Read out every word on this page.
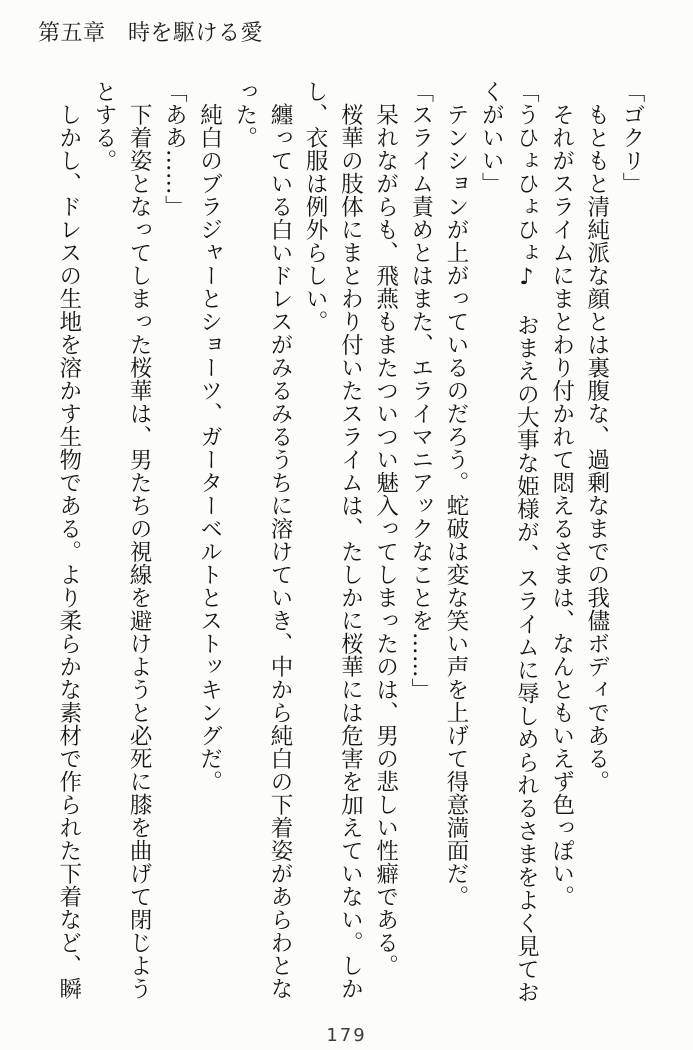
第五章　時を駆ける愛

「ゴクリ」

　もともと清純派な顔とは裏腹な、過剰なまでの我儘ボディである。

　それがスライムにまとわり付かれて悶えるさまは、なんともいえず色っぽい。

「うひょひょひょ♪　おまえの大事な姫様が、スライムに辱しめられるさまをよく見てお

くがいい」

　テンションが上がっているのだろう。蛇破は変な笑い声を上げて得意満面だ。

「スライム責めとはまた、エライマニアックなことを……」

　呆れながらも、飛燕もまたついつい魅入ってしまったのは、男の悲しい性癖である。

　桜華の肢体にまとわり付いたスライムは、たしかに桜華には危害を加えていない。しか

し、衣服は例外らしい。

　纏っている白いドレスがみるみるうちに溶けていき、中から純白の下着姿があらわとな

った。

　純白のブラジャーとショーツ、ガーターベルトとストッキングだ。

「ああ……」

　下着姿となってしまった桜華は、男たちの視線を避けようと必死に膝を曲げて閉じよう

とする。

　しかし、ドレスの生地を溶かす生物である。より柔らかな素材で作られた下着など、瞬

179
